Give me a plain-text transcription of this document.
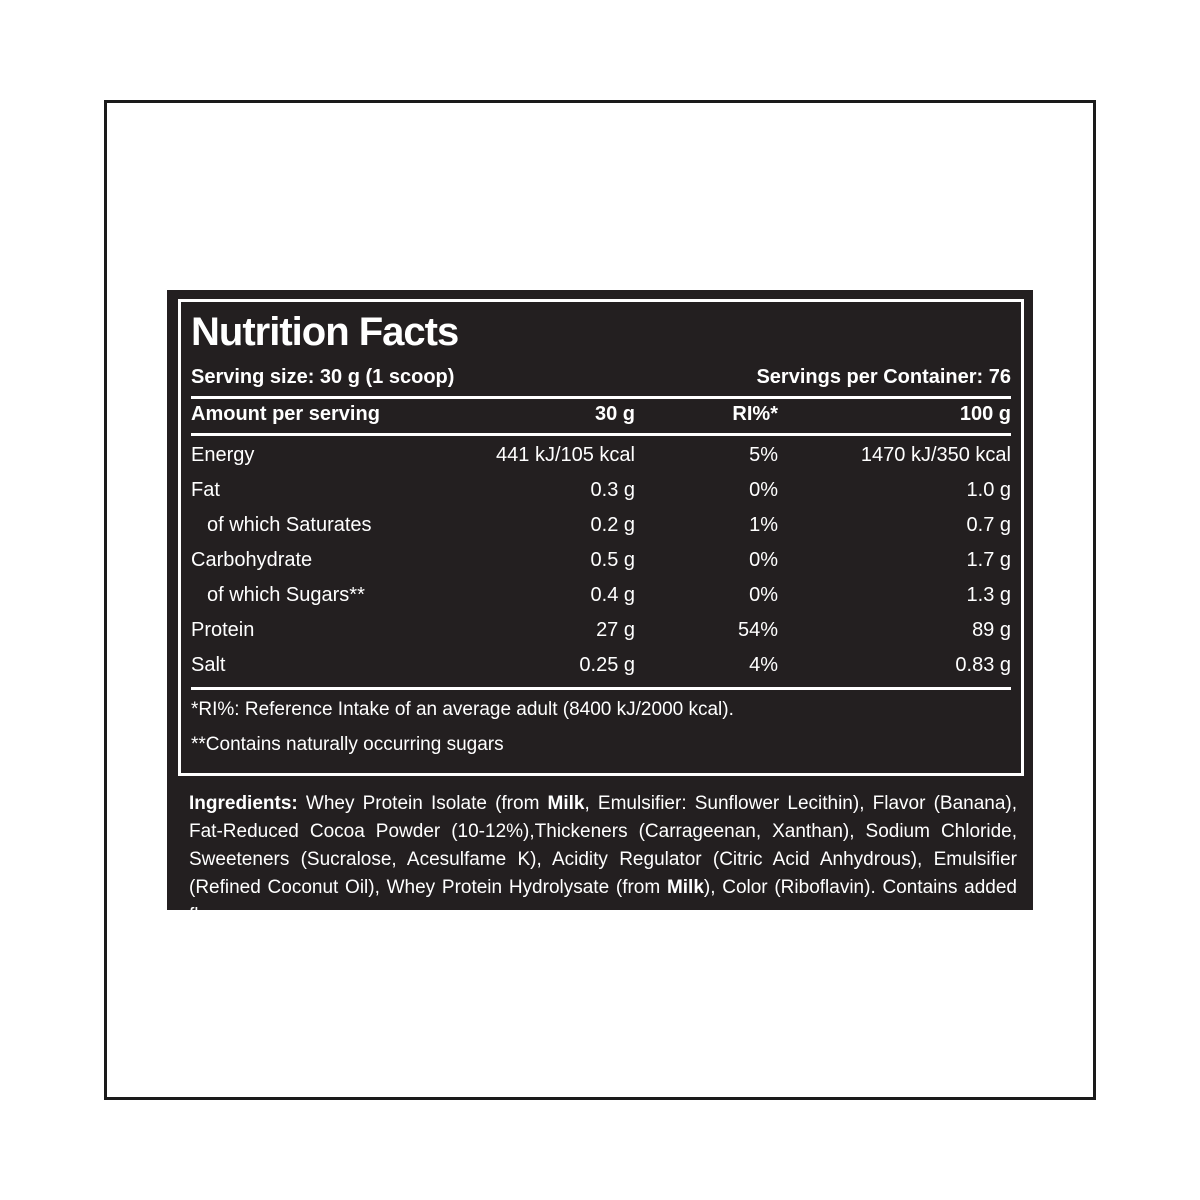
Nutrition Facts
Serving size: 30 g (1 scoop)	Servings per Container: 76
Amount per serving	30 g	RI%*	100 g
Energy	441 kJ/105 kcal	5%	1470 kJ/350 kcal
Fat	0.3 g	0%	1.0 g
of which Saturates	0.2 g	1%	0.7 g
Carbohydrate	0.5 g	0%	1.7 g
of which Sugars**	0.4 g	0%	1.3 g
Protein	27 g	54%	89 g
Salt	0.25 g	4%	0.83 g
*RI%: Reference Intake of an average adult (8400 kJ/2000 kcal).
**Contains naturally occurring sugars
Ingredients: Whey Protein Isolate (from Milk, Emulsifier: Sunflower Lecithin), Flavor (Banana), Fat-Reduced Cocoa Powder (10-12%),Thickeners (Carrageenan, Xanthan), Sodium Chloride, Sweeteners (Sucralose, Acesulfame K), Acidity Regulator (Citric Acid Anhydrous), Emulsifier (Refined Coconut Oil), Whey Protein Hydrolysate (from Milk), Color (Riboflavin). Contains added flavours.
